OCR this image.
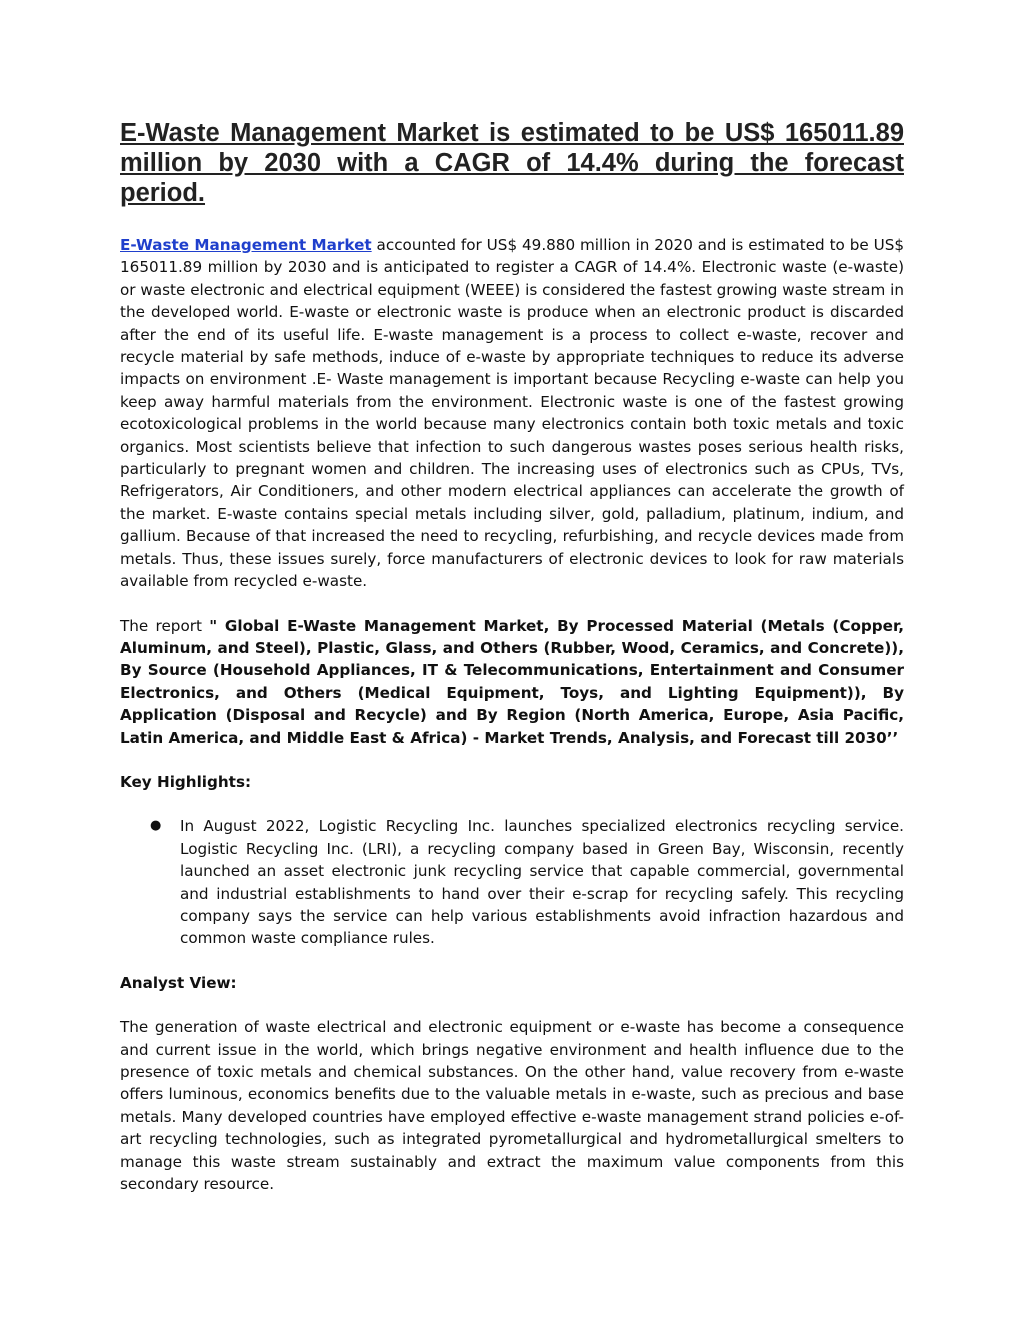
E-Waste Management Market is estimated to be US$ 165011.89 million by 2030 with a CAGR of 14.4% during the forecast period.

E-Waste Management Market accounted for US$ 49.880 million in 2020 and is estimated to be US$ 165011.89 million by 2030 and is anticipated to register a CAGR of 14.4%. Electronic waste (e-waste) or waste electronic and electrical equipment (WEEE) is considered the fastest growing waste stream in the developed world. E-waste or electronic waste is produce when an electronic product is discarded after the end of its useful life. E-waste management is a process to collect e-waste, recover and recycle material by safe methods, induce of e-waste by appropriate techniques to reduce its adverse impacts on environment .E- Waste management is important because Recycling e-waste can help you keep away harmful materials from the environment. Electronic waste is one of the fastest growing ecotoxicological problems in the world because many electronics contain both toxic metals and toxic organics. Most scientists believe that infection to such dangerous wastes poses serious health risks, particularly to pregnant women and children. The increasing uses of electronics such as CPUs, TVs, Refrigerators, Air Conditioners, and other modern electrical appliances can accelerate the growth of the market. E-waste contains special metals including silver, gold, palladium, platinum, indium, and gallium. Because of that increased the need to recycling, refurbishing, and recycle devices made from metals. Thus, these issues surely, force manufacturers of electronic devices to look for raw materials available from recycled e-waste.

The report " Global E-Waste Management Market, By Processed Material (Metals (Copper, Aluminum, and Steel), Plastic, Glass, and Others (Rubber, Wood, Ceramics, and Concrete)), By Source (Household Appliances, IT & Telecommunications, Entertainment and Consumer Electronics, and Others (Medical Equipment, Toys, and Lighting Equipment)), By Application (Disposal and Recycle) and By Region (North America, Europe, Asia Pacific, Latin America, and Middle East & Africa) - Market Trends, Analysis, and Forecast till 2030’’

Key Highlights:

● In August 2022, Logistic Recycling Inc. launches specialized electronics recycling service. Logistic Recycling Inc. (LRI), a recycling company based in Green Bay, Wisconsin, recently launched an asset electronic junk recycling service that capable commercial, governmental and industrial establishments to hand over their e-scrap for recycling safely. This recycling company says the service can help various establishments avoid infraction hazardous and common waste compliance rules.

Analyst View:

The generation of waste electrical and electronic equipment or e-waste has become a consequence and current issue in the world, which brings negative environment and health influence due to the presence of toxic metals and chemical substances. On the other hand, value recovery from e-waste offers luminous, economics benefits due to the valuable metals in e-waste, such as precious and base metals. Many developed countries have employed effective e-waste management strand policies e-of-art recycling technologies, such as integrated pyrometallurgical and hydrometallurgical smelters to manage this waste stream sustainably and extract the maximum value components from this secondary resource.
